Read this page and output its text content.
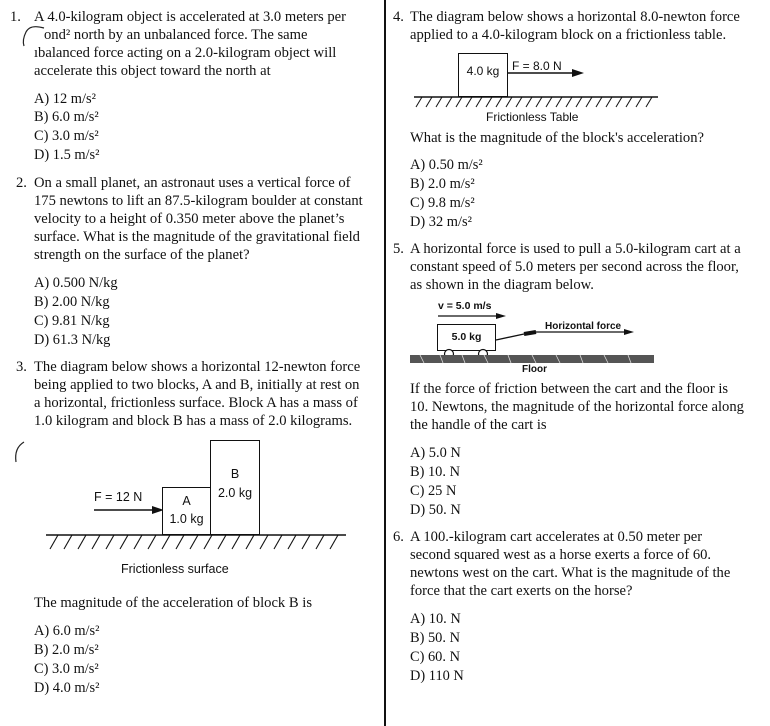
1. A 4.0-kilogram object is accelerated at 3.0 meters per
ond² north by an unbalanced force. The same
ıbalanced force acting on a 2.0-kilogram object will
accelerate this object toward the north at
A) 12 m/s²
B) 6.0 m/s²
C) 3.0 m/s²
D) 1.5 m/s²
2. On a small planet, an astronaut uses a vertical force of
175 newtons to lift an 87.5-kilogram boulder at constant
velocity to a height of 0.350 meter above the planet’s
surface. What is the magnitude of the gravitational field
strength on the surface of the planet?
A) 0.500 N/kg
B) 2.00 N/kg
C) 9.81 N/kg
D) 61.3 N/kg
3. The diagram below shows a horizontal 12-newton force
being applied to two blocks, A and B, initially at rest on
a horizontal, frictionless surface. Block A has a mass of
1.0 kilogram and block B has a mass of 2.0 kilograms.
F = 12 N	A
1.0 kg
B
2.0 kg
Frictionless surface
The magnitude of the acceleration of block B is
A) 6.0 m/s²
B) 2.0 m/s²
C) 3.0 m/s²
D) 4.0 m/s²
4. The diagram below shows a horizontal 8.0-newton force
applied to a 4.0-kilogram block on a frictionless table.
4.0 kg	F = 8.0 N
Frictionless Table
What is the magnitude of the block's acceleration?
A) 0.50 m/s²
B) 2.0 m/s²
C) 9.8 m/s²
D) 32 m/s²
5. A horizontal force is used to pull a 5.0-kilogram cart at a
constant speed of 5.0 meters per second across the floor,
as shown in the diagram below.
v = 5.0 m/s
5.0 kg
Horizontal force
Floor
If the force of friction between the cart and the floor is
10. Newtons, the magnitude of the horizontal force along
the handle of the cart is
A) 5.0 N
B) 10. N
C) 25 N
D) 50. N
6. A 100.-kilogram cart accelerates at 0.50 meter per
second squared west as a horse exerts a force of 60.
newtons west on the cart. What is the magnitude of the
force that the cart exerts on the horse?
A) 10. N
B) 50. N
C) 60. N
D) 110 N
